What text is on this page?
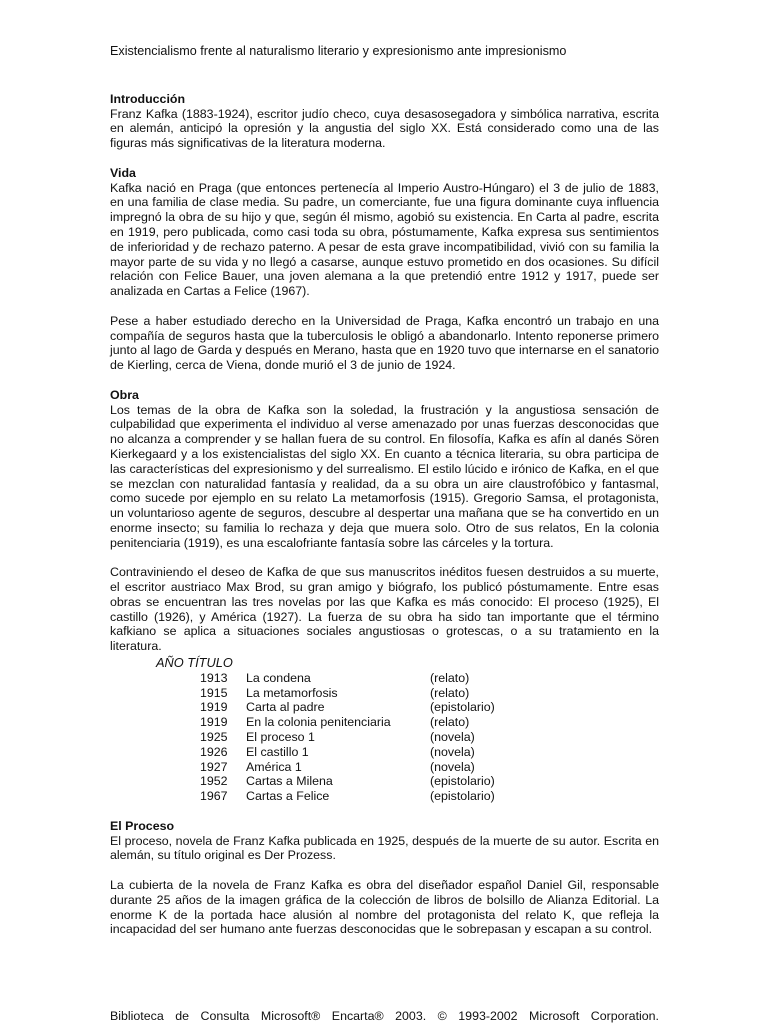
Existencialismo frente al naturalismo literario y expresionismo ante impresionismo
Introducción

Franz Kafka (1883-1924), escritor judío checo, cuya desasosegadora y simbólica narrativa, escrita en alemán, anticipó la opresión y la angustia del siglo XX. Está considerado como una de las figuras más significativas de la literatura moderna.

Vida

Kafka nació en Praga (que entonces pertenecía al Imperio Austro-Húngaro) el 3 de julio de 1883, en una familia de clase media. Su padre, un comerciante, fue una figura dominante cuya influencia impregnó la obra de su hijo y que, según él mismo, agobió su existencia. En Carta al padre, escrita en 1919, pero publicada, como casi toda su obra, póstumamente, Kafka expresa sus sentimientos de inferioridad y de rechazo paterno. A pesar de esta grave incompatibilidad, vivió con su familia la mayor parte de su vida y no llegó a casarse, aunque estuvo prometido en dos ocasiones. Su difícil relación con Felice Bauer, una joven alemana a la que pretendió entre 1912 y 1917, puede ser analizada en Cartas a Felice (1967).

Pese a haber estudiado derecho en la Universidad de Praga, Kafka encontró un trabajo en una compañía de seguros hasta que la tuberculosis le obligó a abandonarlo. Intento reponerse primero junto al lago de Garda y después en Merano, hasta que en 1920 tuvo que internarse en el sanatorio de Kierling, cerca de Viena, donde murió el 3 de junio de 1924.

Obra

Los temas de la obra de Kafka son la soledad, la frustración y la angustiosa sensación de culpabilidad que experimenta el individuo al verse amenazado por unas fuerzas desconocidas que no alcanza a comprender y se hallan fuera de su control. En filosofía, Kafka es afín al danés Sören Kierkegaard y a los existencialistas del siglo XX. En cuanto a técnica literaria, su obra participa de las características del expresionismo y del surrealismo. El estilo lúcido e irónico de Kafka, en el que se mezclan con naturalidad fantasía y realidad, da a su obra un aire claustrofóbico y fantasmal, como sucede por ejemplo en su relato La metamorfosis (1915). Gregorio Samsa, el protagonista, un voluntarioso agente de seguros, descubre al despertar una mañana que se ha convertido en un enorme insecto; su familia lo rechaza y deja que muera solo. Otro de sus relatos, En la colonia penitenciaria (1919), es una escalofriante fantasía sobre las cárceles y la tortura.

Contraviniendo el deseo de Kafka de que sus manuscritos inéditos fuesen destruidos a su muerte, el escritor austriaco Max Brod, su gran amigo y biógrafo, los publicó póstumamente. Entre esas obras se encuentran las tres novelas por las que Kafka es más conocido: El proceso (1925), El castillo (1926), y América (1927). La fuerza de su obra ha sido tan importante que el término kafkiano se aplica a situaciones sociales angustiosas o grotescas, o a su tratamiento en la literatura.

AÑO TÍTULO
1913	La condena	(relato)
1915	La metamorfosis	(relato)
1919	Carta al padre	(epistolario)
1919	En la colonia penitenciaria	(relato)
1925	El proceso 1	(novela)
1926	El castillo 1	(novela)
1927	América 1	(novela)
1952	Cartas a Milena	(epistolario)
1967	Cartas a Felice	(epistolario)
El Proceso

El proceso, novela de Franz Kafka publicada en 1925, después de la muerte de su autor. Escrita en alemán, su título original es Der Prozess.

La cubierta de la novela de Franz Kafka es obra del diseñador español Daniel Gil, responsable durante 25 años de la imagen gráfica de la colección de libros de bolsillo de Alianza Editorial. La enorme K de la portada hace alusión al nombre del protagonista del relato K, que refleja la incapacidad del ser humano ante fuerzas desconocidas que le sobrepasan y escapan a su control.

Biblioteca de Consulta Microsoft® Encarta® 2003. © 1993-2002 Microsoft Corporation.
